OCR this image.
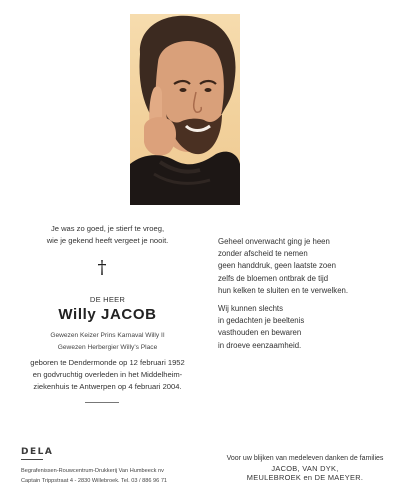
Je was zo goed, je stierf te vroeg,
wie je gekend heeft vergeet je nooit.
†
DE HEER
Willy JACOB
Gewezen Keizer Prins Karnaval Willy II
Gewezen Herbergier Willy's Place
geboren te Dendermonde op 12 februari 1952
en godvruchtig overleden in het Middelheim-
ziekenhuis te Antwerpen op 4 februari 2004.
Geheel onverwacht ging je heen
zonder afscheid te nemen
geen handdruk, geen laatste zoen
zelfs de bloemen ontbrak de tijd
hun kelken te sluiten en te verwelken.
Wij kunnen slechts
in gedachten je beeltenis
vasthouden en bewaren
in droeve eenzaamheid.
DELA
Begrafenissen-Rouwcentrum-Drukkerij Van Humbeeck nv
Captain Trippstraat 4 - 2830 Willebroek. Tel. 03 / 886 96 71
Voor uw blijken van medeleven danken de families
JACOB, VAN DYK,
MEULEBROEK en DE MAEYER.
